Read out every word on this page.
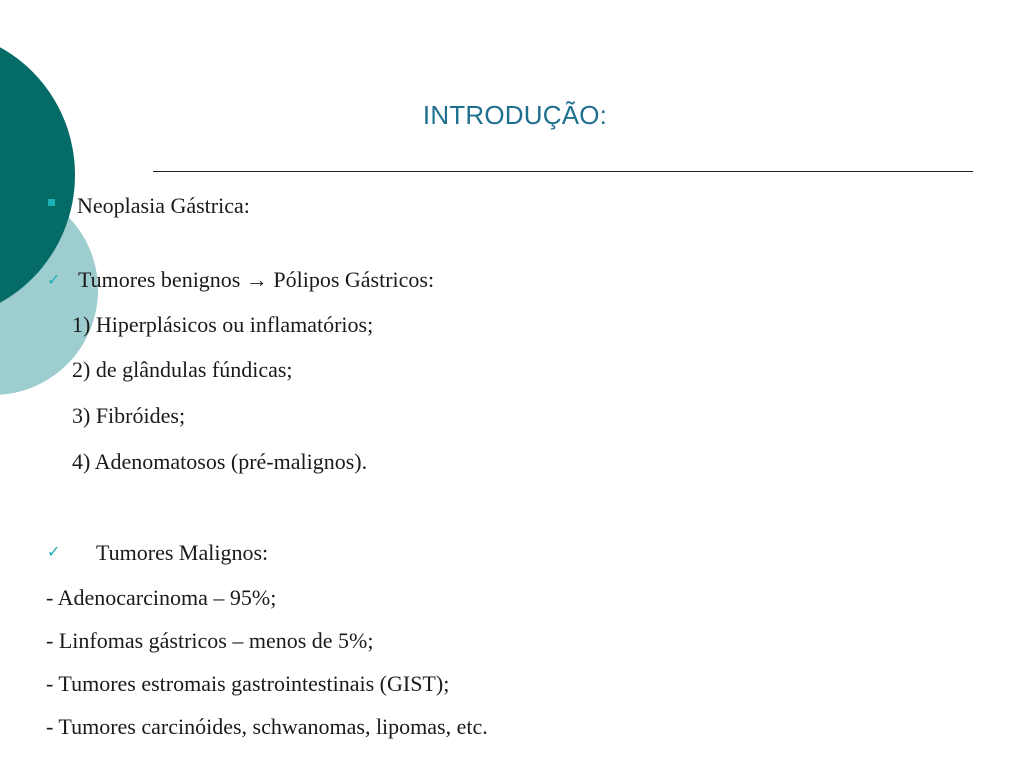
INTRODUÇÃO:
Neoplasia Gástrica:
✓ Tumores benignos → Pólipos Gástricos:
1) Hiperplásicos ou inflamatórios;
2) de glândulas fúndicas;
3) Fibróides;
4) Adenomatosos (pré-malignos).
✓ Tumores Malignos:
- Adenocarcinoma – 95%;
- Linfomas gástricos – menos de 5%;
- Tumores estromais gastrointestinais (GIST);
- Tumores carcinóides, schwanomas, lipomas, etc.
